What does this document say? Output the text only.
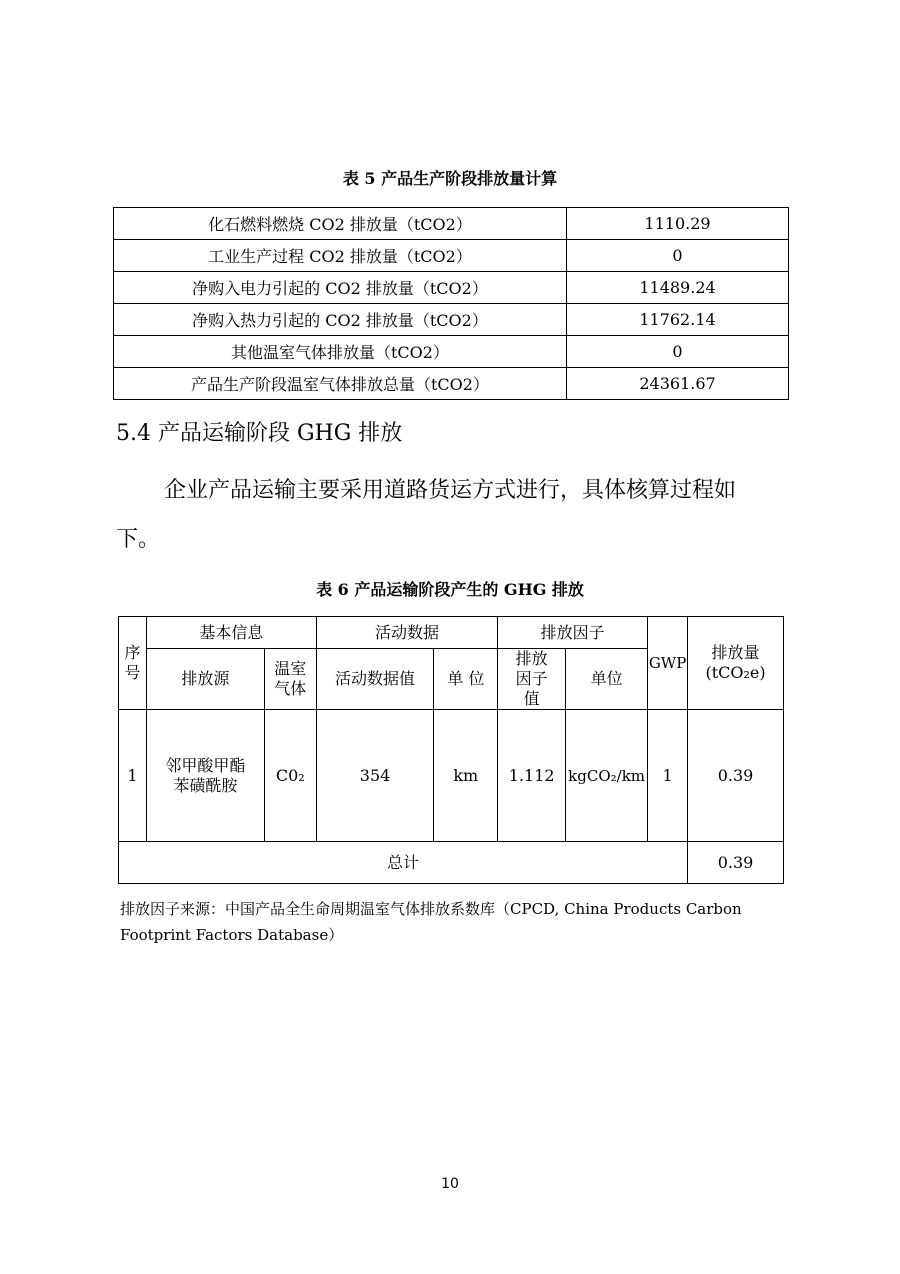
表 5 产品生产阶段排放量计算
化石燃料燃烧 CO2 排放量（tCO2）	1110.29
工业生产过程 CO2 排放量（tCO2）	0
净购入电力引起的 CO2 排放量（tCO2）	11489.24
净购入热力引起的 CO2 排放量（tCO2）	11762.14
其他温室气体排放量（tCO2）	0
产品生产阶段温室气体排放总量（tCO2）	24361.67
5.4 产品运输阶段 GHG 排放
企业产品运输主要采用道路货运方式进行，具体核算过程如
下。
表 6 产品运输阶段产生的 GHG 排放
序号	基本信息		活动数据		排放因子		GWP	排放量
(tCO₂e)

	排放源	温室气体	活动数据值	单 位	排放因子值	单位		
1	邻甲酸甲酯苯磺酰胺	C0₂	354	km	1.112	kgCO₂/km	1	0.39
总计								0.39
排放因子来源：中国产品全生命周期温室气体排放系数库（CPCD, China Products Carbon Footprint Factors Database）
10
